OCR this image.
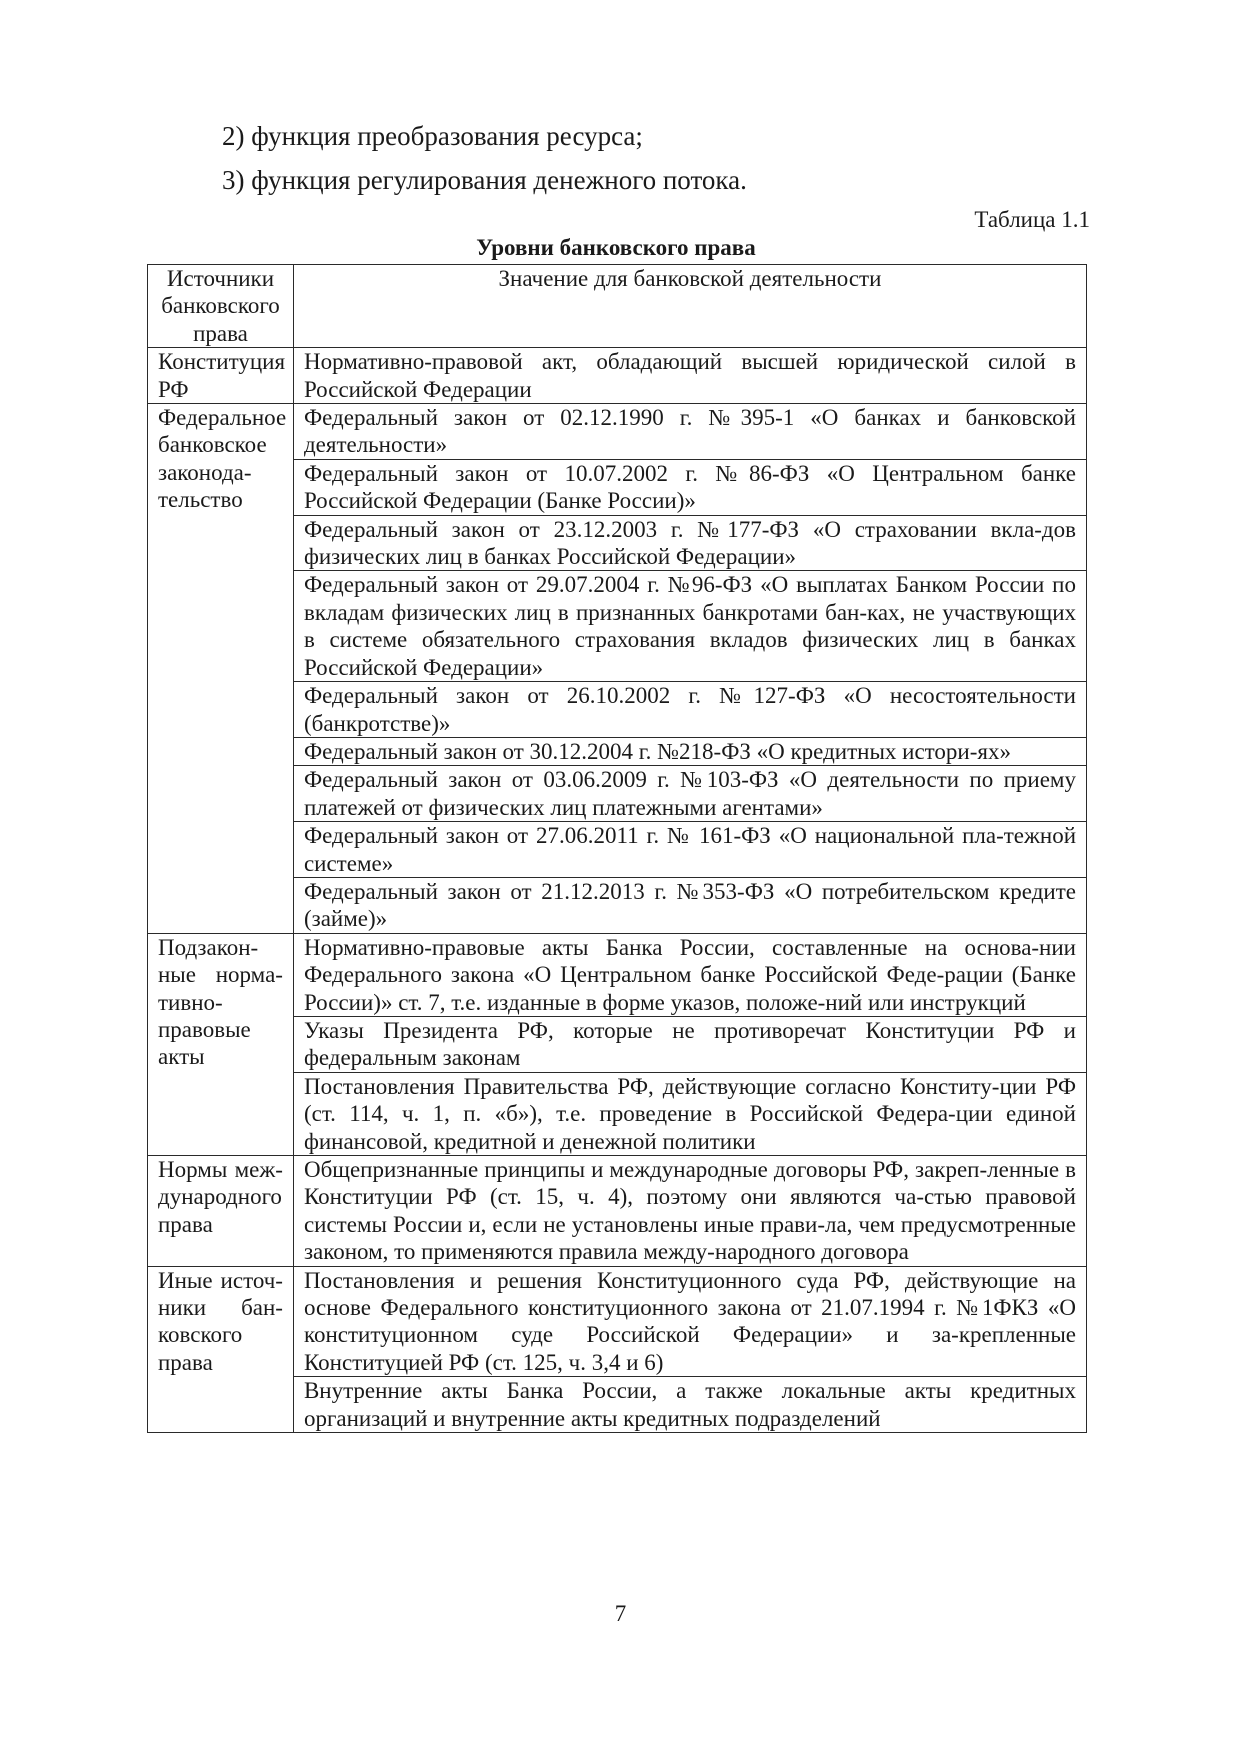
2) функция преобразования ресурса;
3) функция регулирования денежного потока.
Таблица 1.1
Уровни банковского права
Источники банковского права	Значение для банковской деятельности
Конституция РФ	Нормативно-правовой акт, обладающий высшей юридической силой в Российской Федерации
Федеральное банковское законода-тельство	Федеральный закон от 02.12.1990 г. №395-1 «О банках и банковской деятельности»
	Федеральный закон от 10.07.2002 г. №86-ФЗ «О Центральном банке Российской Федерации (Банке России)»
	Федеральный закон от 23.12.2003 г. №177-ФЗ «О страховании вкла-дов физических лиц в банках Российской Федерации»
	Федеральный закон от 29.07.2004 г. №96-ФЗ «О выплатах Банком России по вкладам физических лиц в признанных банкротами бан-ках, не участвующих в системе обязательного страхования вкладов физических лиц в банках Российской Федерации»
	Федеральный закон от 26.10.2002 г. №127-ФЗ «О несостоятельности (банкротстве)»
	Федеральный закон от 30.12.2004 г. №218-ФЗ «О кредитных истори-ях»
	Федеральный закон от 03.06.2009 г. №103-ФЗ «О деятельности по приему платежей от физических лиц платежными агентами»
	Федеральный закон от 27.06.2011 г. № 161-ФЗ «О национальной пла-тежной системе»
	Федеральный закон от 21.12.2013 г. №353-ФЗ «О потребительском кредите (займе)»
Подзакон-ные норма-тивно-правовые акты	Нормативно-правовые акты Банка России, составленные на основа-нии Федерального закона «О Центральном банке Российской Феде-рации (Банке России)» ст. 7, т.е. изданные в форме указов, положе-ний или инструкций
	Указы Президента РФ, которые не противоречат Конституции РФ и федеральным законам
	Постановления Правительства РФ, действующие согласно Конститу-ции РФ (ст. 114, ч. 1, п. «б»), т.е. проведение в Российской Федера-ции единой финансовой, кредитной и денежной политики
Нормы меж-дународного права	Общепризнанные принципы и международные договоры РФ, закреп-ленные в Конституции РФ (ст. 15, ч. 4), поэтому они являются ча-стью правовой системы России и, если не установлены иные прави-ла, чем предусмотренные законом, то применяются правила между-народного договора
Иные источ-ники бан-ковского права	Постановления и решения Конституционного суда РФ, действующие на основе Федерального конституционного закона от 21.07.1994 г. №1ФКЗ «О конституционном суде Российской Федерации» и за-крепленные Конституцией РФ (ст. 125, ч. 3,4 и 6)
	Внутренние акты Банка России, а также локальные акты кредитных организаций и внутренние акты кредитных подразделений
7
